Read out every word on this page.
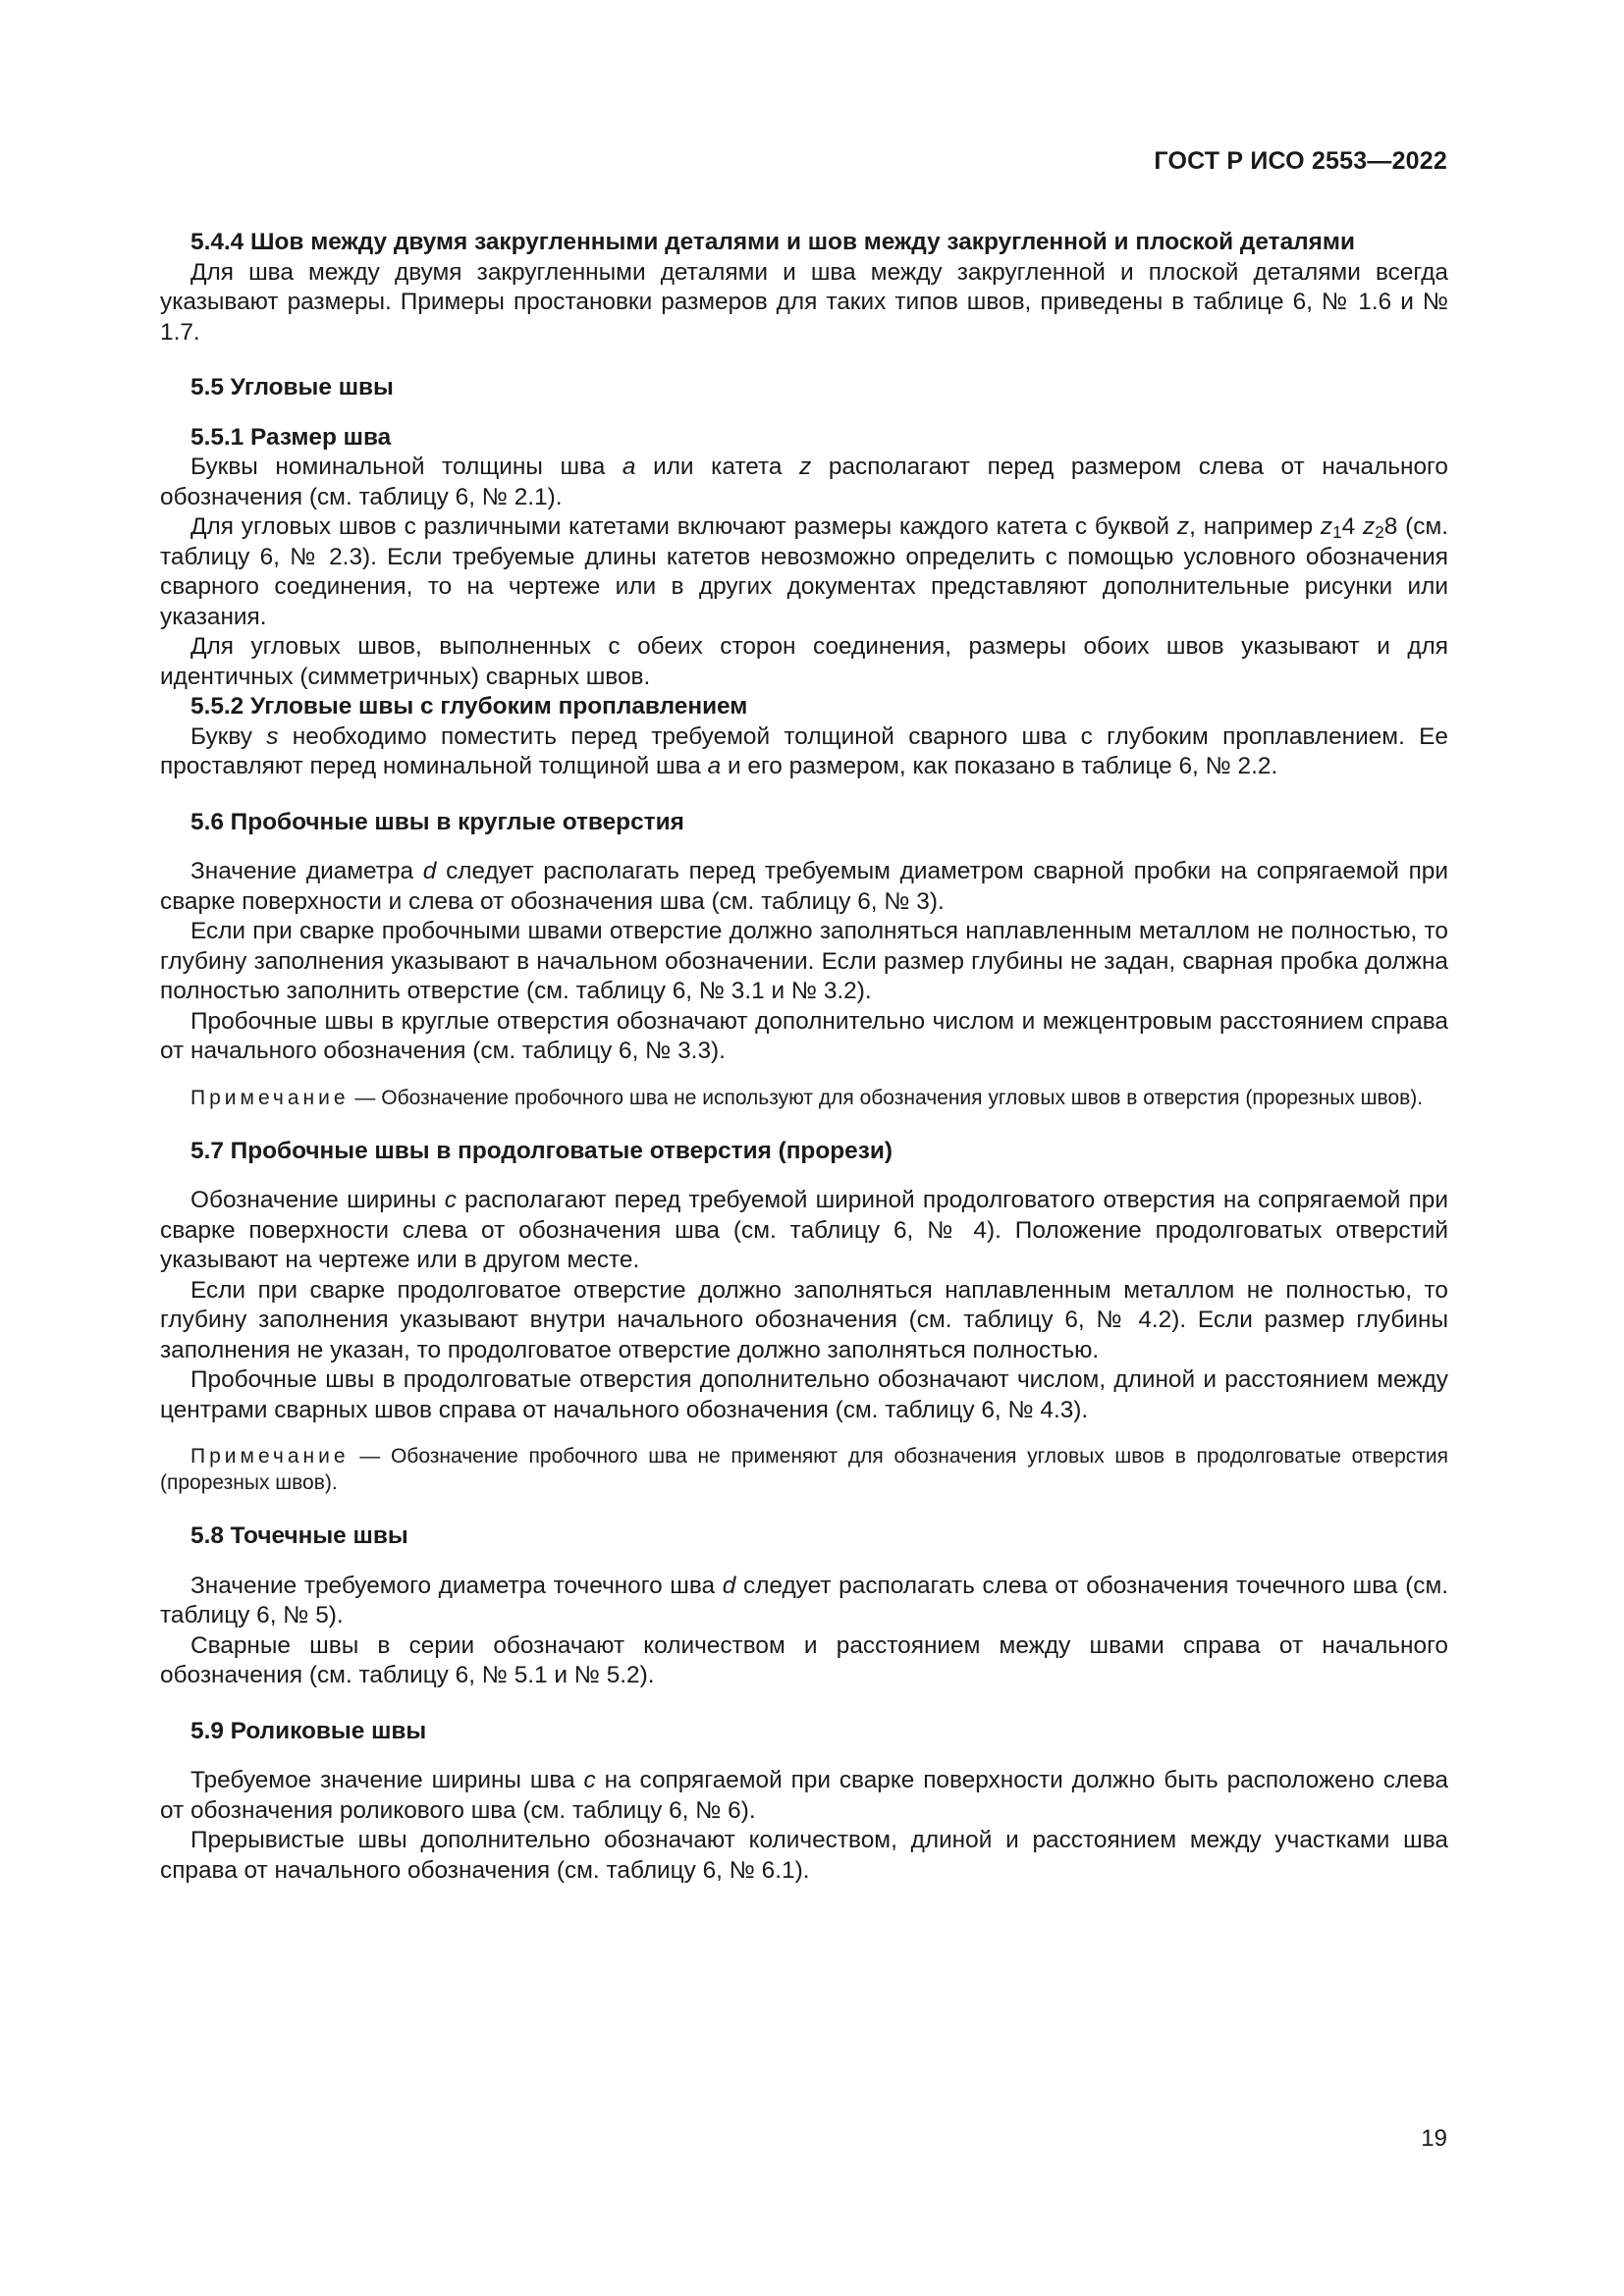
ГОСТ Р ИСО 2553—2022

5.4.4 Шов между двумя закругленными деталями и шов между закругленной и плоской деталями

Для шва между двумя закругленными деталями и шва между закругленной и плоской деталями всегда указывают размеры. Примеры простановки размеров для таких типов швов, приведены в таблице 6, № 1.6 и № 1.7.

5.5 Угловые швы

5.5.1 Размер шва

Буквы номинальной толщины шва a или катета z располагают перед размером слева от начального обозначения (см. таблицу 6, № 2.1).

Для угловых швов с различными катетами включают размеры каждого катета с буквой z, например $z_14$ $z_28$ (см. таблицу 6, № 2.3). Если требуемые длины катетов невозможно определить с помощью условного обозначения сварного соединения, то на чертеже или в других документах представляют дополнительные рисунки или указания.

Для угловых швов, выполненных с обеих сторон соединения, размеры обоих швов указывают и для идентичных (симметричных) сварных швов.

5.5.2 Угловые швы с глубоким проплавлением

Букву s необходимо поместить перед требуемой толщиной сварного шва с глубоким проплавлением. Ее проставляют перед номинальной толщиной шва a и его размером, как показано в таблице 6, № 2.2.

5.6 Пробочные швы в круглые отверстия

Значение диаметра d следует располагать перед требуемым диаметром сварной пробки на сопрягаемой при сварке поверхности и слева от обозначения шва (см. таблицу 6, № 3).

Если при сварке пробочными швами отверстие должно заполняться наплавленным металлом не полностью, то глубину заполнения указывают в начальном обозначении. Если размер глубины не задан, сварная пробка должна полностью заполнить отверстие (см. таблицу 6, № 3.1 и № 3.2).

Пробочные швы в круглые отверстия обозначают дополнительно числом и межцентровым расстоянием справа от начального обозначения (см. таблицу 6, № 3.3).

Примечание — Обозначение пробочного шва не используют для обозначения угловых швов в отверстия (прорезных швов).

5.7 Пробочные швы в продолговатые отверстия (прорези)

Обозначение ширины c располагают перед требуемой шириной продолговатого отверстия на сопрягаемой при сварке поверхности слева от обозначения шва (см. таблицу 6, № 4). Положение продолговатых отверстий указывают на чертеже или в другом месте.

Если при сварке продолговатое отверстие должно заполняться наплавленным металлом не полностью, то глубину заполнения указывают внутри начального обозначения (см. таблицу 6, № 4.2). Если размер глубины заполнения не указан, то продолговатое отверстие должно заполняться полностью.

Пробочные швы в продолговатые отверстия дополнительно обозначают числом, длиной и расстоянием между центрами сварных швов справа от начального обозначения (см. таблицу 6, № 4.3).

Примечание — Обозначение пробочного шва не применяют для обозначения угловых швов в продолговатые отверстия (прорезных швов).

5.8 Точечные швы

Значение требуемого диаметра точечного шва d следует располагать слева от обозначения точечного шва (см. таблицу 6, № 5).

Сварные швы в серии обозначают количеством и расстоянием между швами справа от начального обозначения (см. таблицу 6, № 5.1 и № 5.2).

5.9 Роликовые швы

Требуемое значение ширины шва c на сопрягаемой при сварке поверхности должно быть расположено слева от обозначения роликового шва (см. таблицу 6, № 6).

Прерывистые швы дополнительно обозначают количеством, длиной и расстоянием между участками шва справа от начального обозначения (см. таблицу 6, № 6.1).

19
